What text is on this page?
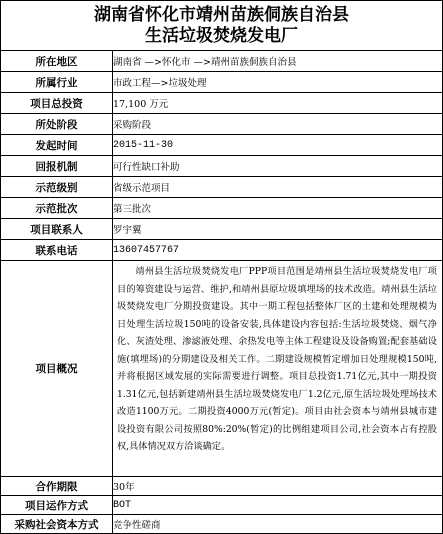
湖南省怀化市靖州苗族侗族自治县
生活垃圾焚烧发电厂
所在地区	湖南省 —>怀化市 —>靖州苗族侗族自治县
所属行业	市政工程—>垃圾处理
项目总投资	17,100 万元
所处阶段	采购阶段
发起时间	2015-11-30
回报机制	可行性缺口补助
示范级别	省级示范项目
示范批次	第三批次
项目联系人	罗宇翼
联系电话	13607457767
项目概况	靖州县生活垃圾焚烧发电厂PPP项目范围是靖州县生活垃圾焚烧发电厂项目的筹资建设与运营、维护,和靖州县原垃圾填埋场的技术改造。靖州县生活垃圾焚烧发电厂分期投资建设。其中一期工程包括整体厂区的土建和处理规模为日处理生活垃圾150吨的设备安装,具体建设内容包括:生活垃圾焚烧、烟气净化、灰渣处理、渗滤液处理、余热发电等主体工程建设及设备购置;配套基础设施(填埋场)的分期建设及相关工作。二期建设规模暂定增加日处理规模150吨,并将根据区域发展的实际需要进行调整。项目总投资1.71亿元,其中一期投资1.31亿元,包括新建靖州县生活垃圾焚烧发电厂1.2亿元,原生活垃圾处理场技术改造1100万元。二期投资4000万元(暂定)。项目由社会资本与靖州县城市建设投资有限公司按照80%:20%(暂定)的比例组建项目公司,社会资本占有控股权,具体情况双方洽谈确定。

合作期限	30年
项目运作方式	BOT
采购社会资本方式	竞争性磋商
